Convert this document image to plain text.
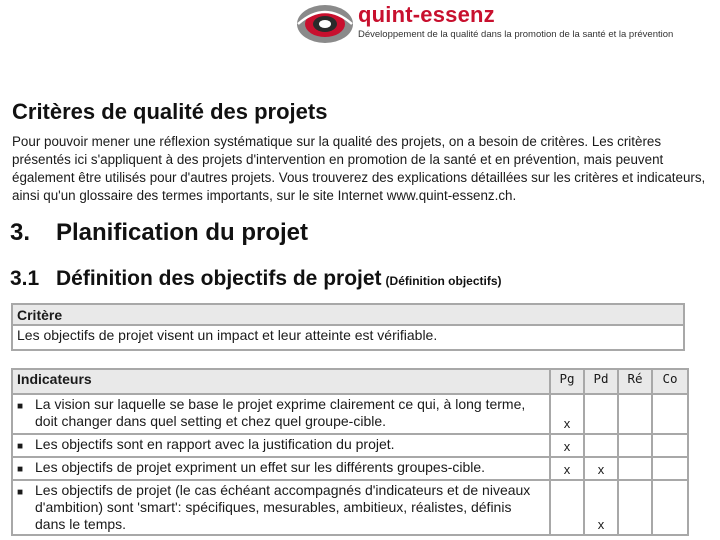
quint-essenz
Développement de la qualité dans la promotion de la santé et la prévention
Critères de qualité des projets
Pour pouvoir mener une réflexion systématique sur la qualité des projets, on a besoin de critères. Les critères présentés ici s'appliquent à des projets d'intervention en promotion de la santé et en prévention, mais peuvent également être utilisés pour d'autres projets. Vous trouverez des explications détaillées sur les critères et indicateurs, ainsi qu'un glossaire des termes importants, sur le site Internet www.quint-essenz.ch.
3. Planification du projet
3.1 Définition des objectifs de projet (Définition objectifs)
Critère
Les objectifs de projet visent un impact et leur atteinte est vérifiable.
Indicateurs	Pg	Pd	Ré	Co
■ La vision sur laquelle se base le projet exprime clairement ce qui, à long terme, doit changer dans quel setting et chez quel groupe-cible.	x			
■ Les objectifs sont en rapport avec la justification du projet.	x			
■ Les objectifs de projet expriment un effet sur les différents groupes-cible.	x	x		
■ Les objectifs de projet (le cas échéant accompagnés d'indicateurs et de niveaux d'ambition) sont 'smart': spécifiques, mesurables, ambitieux, réalistes, définis dans le temps.		x		
